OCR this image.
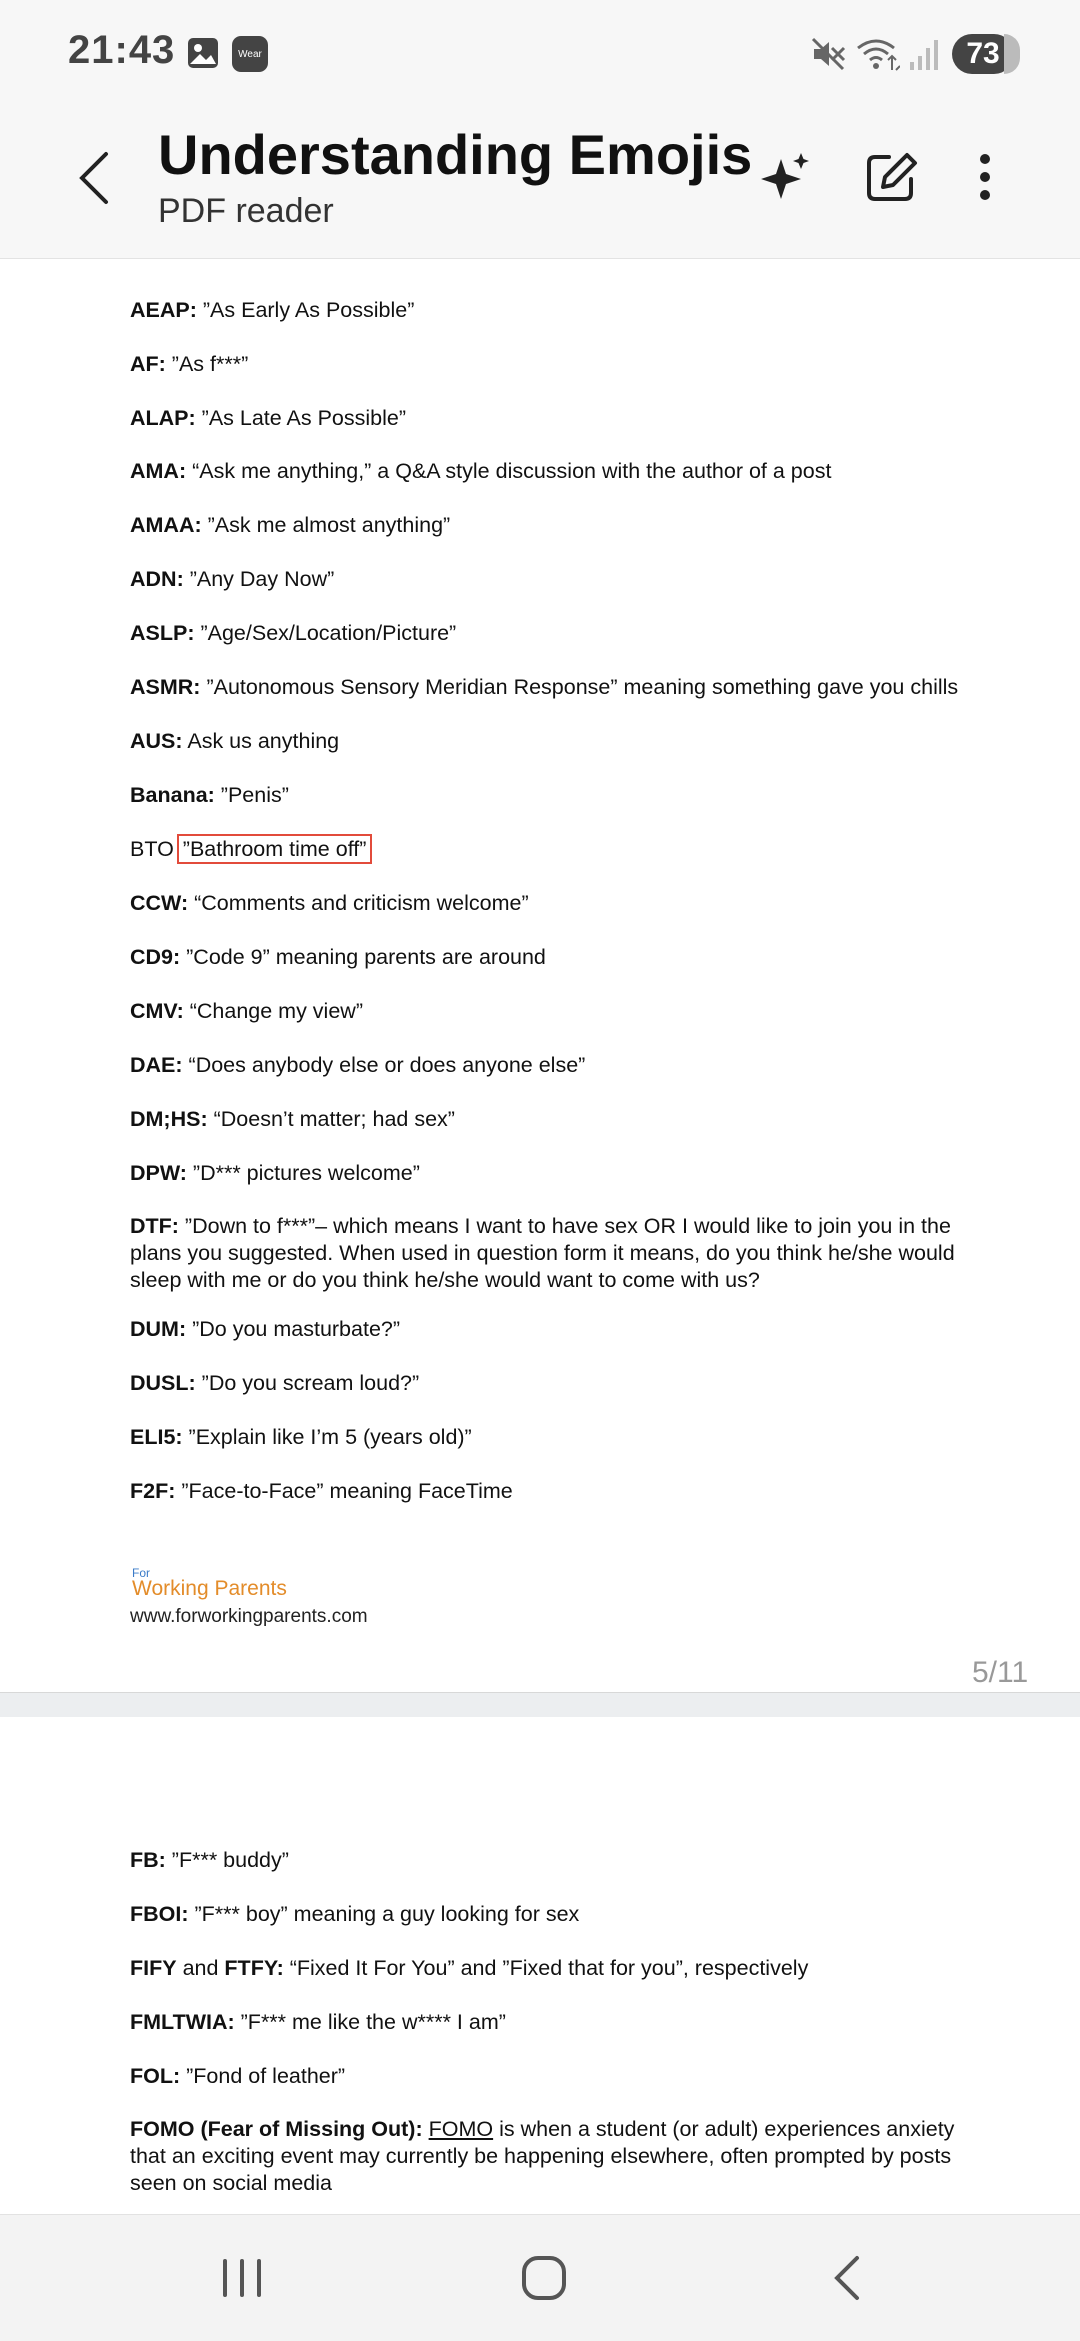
21:43	Wear	73
Understanding Emojis
PDF reader
AEAP: ”As Early As Possible”
AF: ”As f***”
ALAP: ”As Late As Possible”
AMA: “Ask me anything,” a Q&A style discussion with the author of a post
AMAA: ”Ask me almost anything”
ADN: ”Any Day Now”
ASLP: ”Age/Sex/Location/Picture”
ASMR: ”Autonomous Sensory Meridian Response” meaning something gave you chills
AUS: Ask us anything
Banana: ”Penis”
BTO ”Bathroom time off”
CCW: “Comments and criticism welcome”
CD9: ”Code 9” meaning parents are around
CMV: “Change my view”
DAE: “Does anybody else or does anyone else”
DM;HS: “Doesn’t matter; had sex”
DPW: ”D*** pictures welcome”
DTF: ”Down to f***”– which means I want to have sex OR I would like to join you in the plans you suggested. When used in question form it means, do you think he/she would sleep with me or do you think he/she would want to come with us?
DUM: ”Do you masturbate?”
DUSL: ”Do you scream loud?”
ELI5: ”Explain like I’m 5 (years old)”
F2F: ”Face-to-Face” meaning FaceTime
For
Working Parents
www.forworkingparents.com
5/11
FB: ”F*** buddy”
FBOI: ”F*** boy” meaning a guy looking for sex
FIFY and FTFY: “Fixed It For You” and ”Fixed that for you”, respectively
FMLTWIA: ”F*** me like the w**** I am”
FOL: ”Fond of leather”
FOMO (Fear of Missing Out): FOMO is when a student (or adult) experiences anxiety that an exciting event may currently be happening elsewhere, often prompted by posts seen on social media
